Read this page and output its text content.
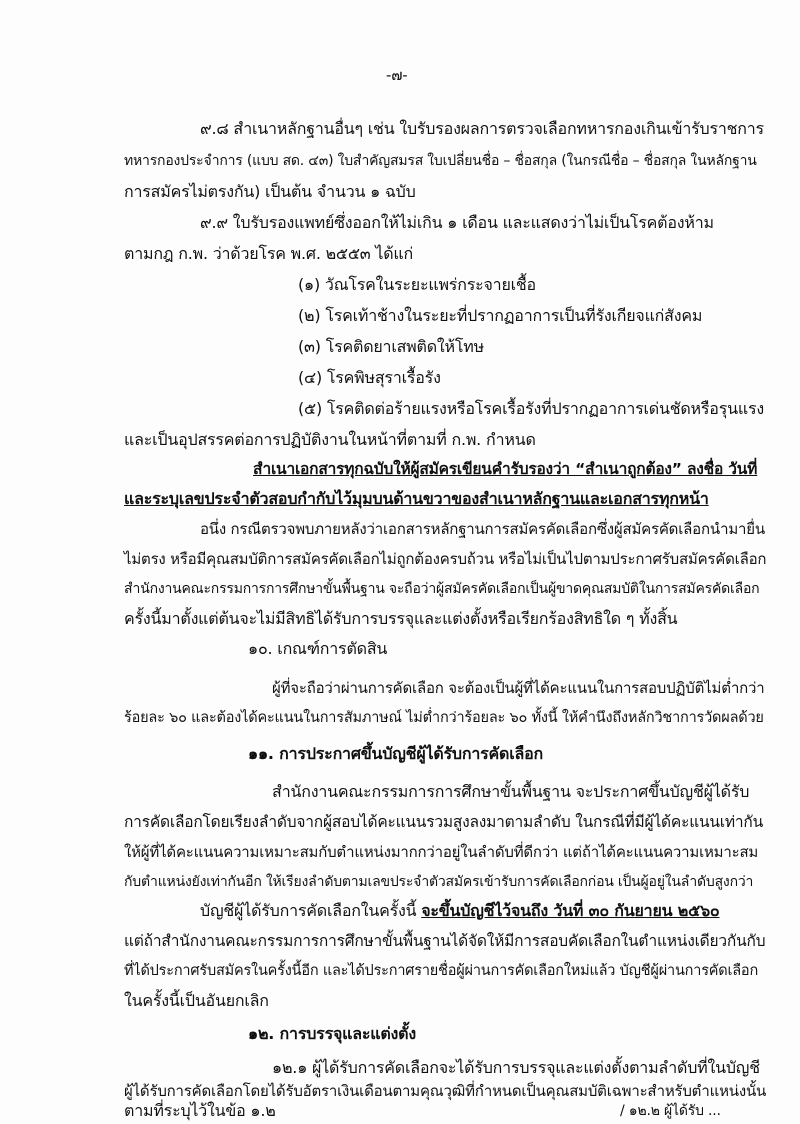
-๗-
๙.๘ สำเนาหลักฐานอื่นๆ เช่น ใบรับรองผลการตรวจเลือกทหารกองเกินเข้ารับราชการ
ทหารกองประจำการ (แบบ สด. ๔๓) ใบสำคัญสมรส ใบเปลี่ยนชื่อ – ชื่อสกุล (ในกรณีชื่อ – ชื่อสกุล ในหลักฐาน
การสมัครไม่ตรงกัน) เป็นต้น จำนวน ๑ ฉบับ
๙.๙ ใบรับรองแพทย์ซึ่งออกให้ไม่เกิน ๑ เดือน และแสดงว่าไม่เป็นโรคต้องห้าม
ตามกฎ ก.พ. ว่าด้วยโรค พ.ศ. ๒๕๕๓ ได้แก่
(๑) วัณโรคในระยะแพร่กระจายเชื้อ
(๒) โรคเท้าช้างในระยะที่ปรากฏอาการเป็นที่รังเกียจแก่สังคม
(๓) โรคติดยาเสพติดให้โทษ
(๔) โรคพิษสุราเรื้อรัง
(๕) โรคติดต่อร้ายแรงหรือโรคเรื้อรังที่ปรากฏอาการเด่นชัดหรือรุนแรง
และเป็นอุปสรรคต่อการปฏิบัติงานในหน้าที่ตามที่ ก.พ. กำหนด
สำเนาเอกสารทุกฉบับให้ผู้สมัครเขียนคำรับรองว่า “สำเนาถูกต้อง” ลงชื่อ วันที่
และระบุเลขประจำตัวสอบกำกับไว้มุมบนด้านขวาของสำเนาหลักฐานและเอกสารทุกหน้า
อนึ่ง กรณีตรวจพบภายหลังว่าเอกสารหลักฐานการสมัครคัดเลือกซึ่งผู้สมัครคัดเลือกนำมายื่น
ไม่ตรง หรือมีคุณสมบัติการสมัครคัดเลือกไม่ถูกต้องครบถ้วน หรือไม่เป็นไปตามประกาศรับสมัครคัดเลือก
สำนักงานคณะกรรมการการศึกษาขั้นพื้นฐาน จะถือว่าผู้สมัครคัดเลือกเป็นผู้ขาดคุณสมบัติในการสมัครคัดเลือก
ครั้งนี้มาตั้งแต่ต้นจะไม่มีสิทธิได้รับการบรรจุและแต่งตั้งหรือเรียกร้องสิทธิใด ๆ ทั้งสิ้น
๑๐. เกณฑ์การตัดสิน
ผู้ที่จะถือว่าผ่านการคัดเลือก จะต้องเป็นผู้ที่ได้คะแนนในการสอบปฏิบัติไม่ต่ำกว่า
ร้อยละ ๖๐ และต้องได้คะแนนในการสัมภาษณ์ ไม่ต่ำกว่าร้อยละ ๖๐ ทั้งนี้ ให้คำนึงถึงหลักวิชาการวัดผลด้วย
๑๑. การประกาศขึ้นบัญชีผู้ได้รับการคัดเลือก
สำนักงานคณะกรรมการการศึกษาขั้นพื้นฐาน จะประกาศขึ้นบัญชีผู้ได้รับ
การคัดเลือกโดยเรียงลำดับจากผู้สอบได้คะแนนรวมสูงลงมาตามลำดับ ในกรณีที่มีผู้ได้คะแนนเท่ากัน
ให้ผู้ที่ได้คะแนนความเหมาะสมกับตำแหน่งมากกว่าอยู่ในลำดับที่ดีกว่า แต่ถ้าได้คะแนนความเหมาะสม
กับตำแหน่งยังเท่ากันอีก ให้เรียงลำดับตามเลขประจำตัวสมัครเข้ารับการคัดเลือกก่อน เป็นผู้อยู่ในลำดับสูงกว่า
บัญชีผู้ได้รับการคัดเลือกในครั้งนี้ จะขึ้นบัญชีไว้จนถึง วันที่ ๓๐ กันยายน ๒๕๖๐
แต่ถ้าสำนักงานคณะกรรมการการศึกษาขั้นพื้นฐานได้จัดให้มีการสอบคัดเลือกในตำแหน่งเดียวกันกับ
ที่ได้ประกาศรับสมัครในครั้งนี้อีก และได้ประกาศรายชื่อผู้ผ่านการคัดเลือกใหม่แล้ว บัญชีผู้ผ่านการคัดเลือก
ในครั้งนี้เป็นอันยกเลิก
๑๒. การบรรจุและแต่งตั้ง
๑๒.๑ ผู้ได้รับการคัดเลือกจะได้รับการบรรจุและแต่งตั้งตามลำดับที่ในบัญชี
ผู้ได้รับการคัดเลือกโดยได้รับอัตราเงินเดือนตามคุณวุฒิที่กำหนดเป็นคุณสมบัติเฉพาะสำหรับตำแหน่งนั้น
ตามที่ระบุไว้ในข้อ ๑.๒	/ ๑๒.๒ ผู้ได้รับ ...
